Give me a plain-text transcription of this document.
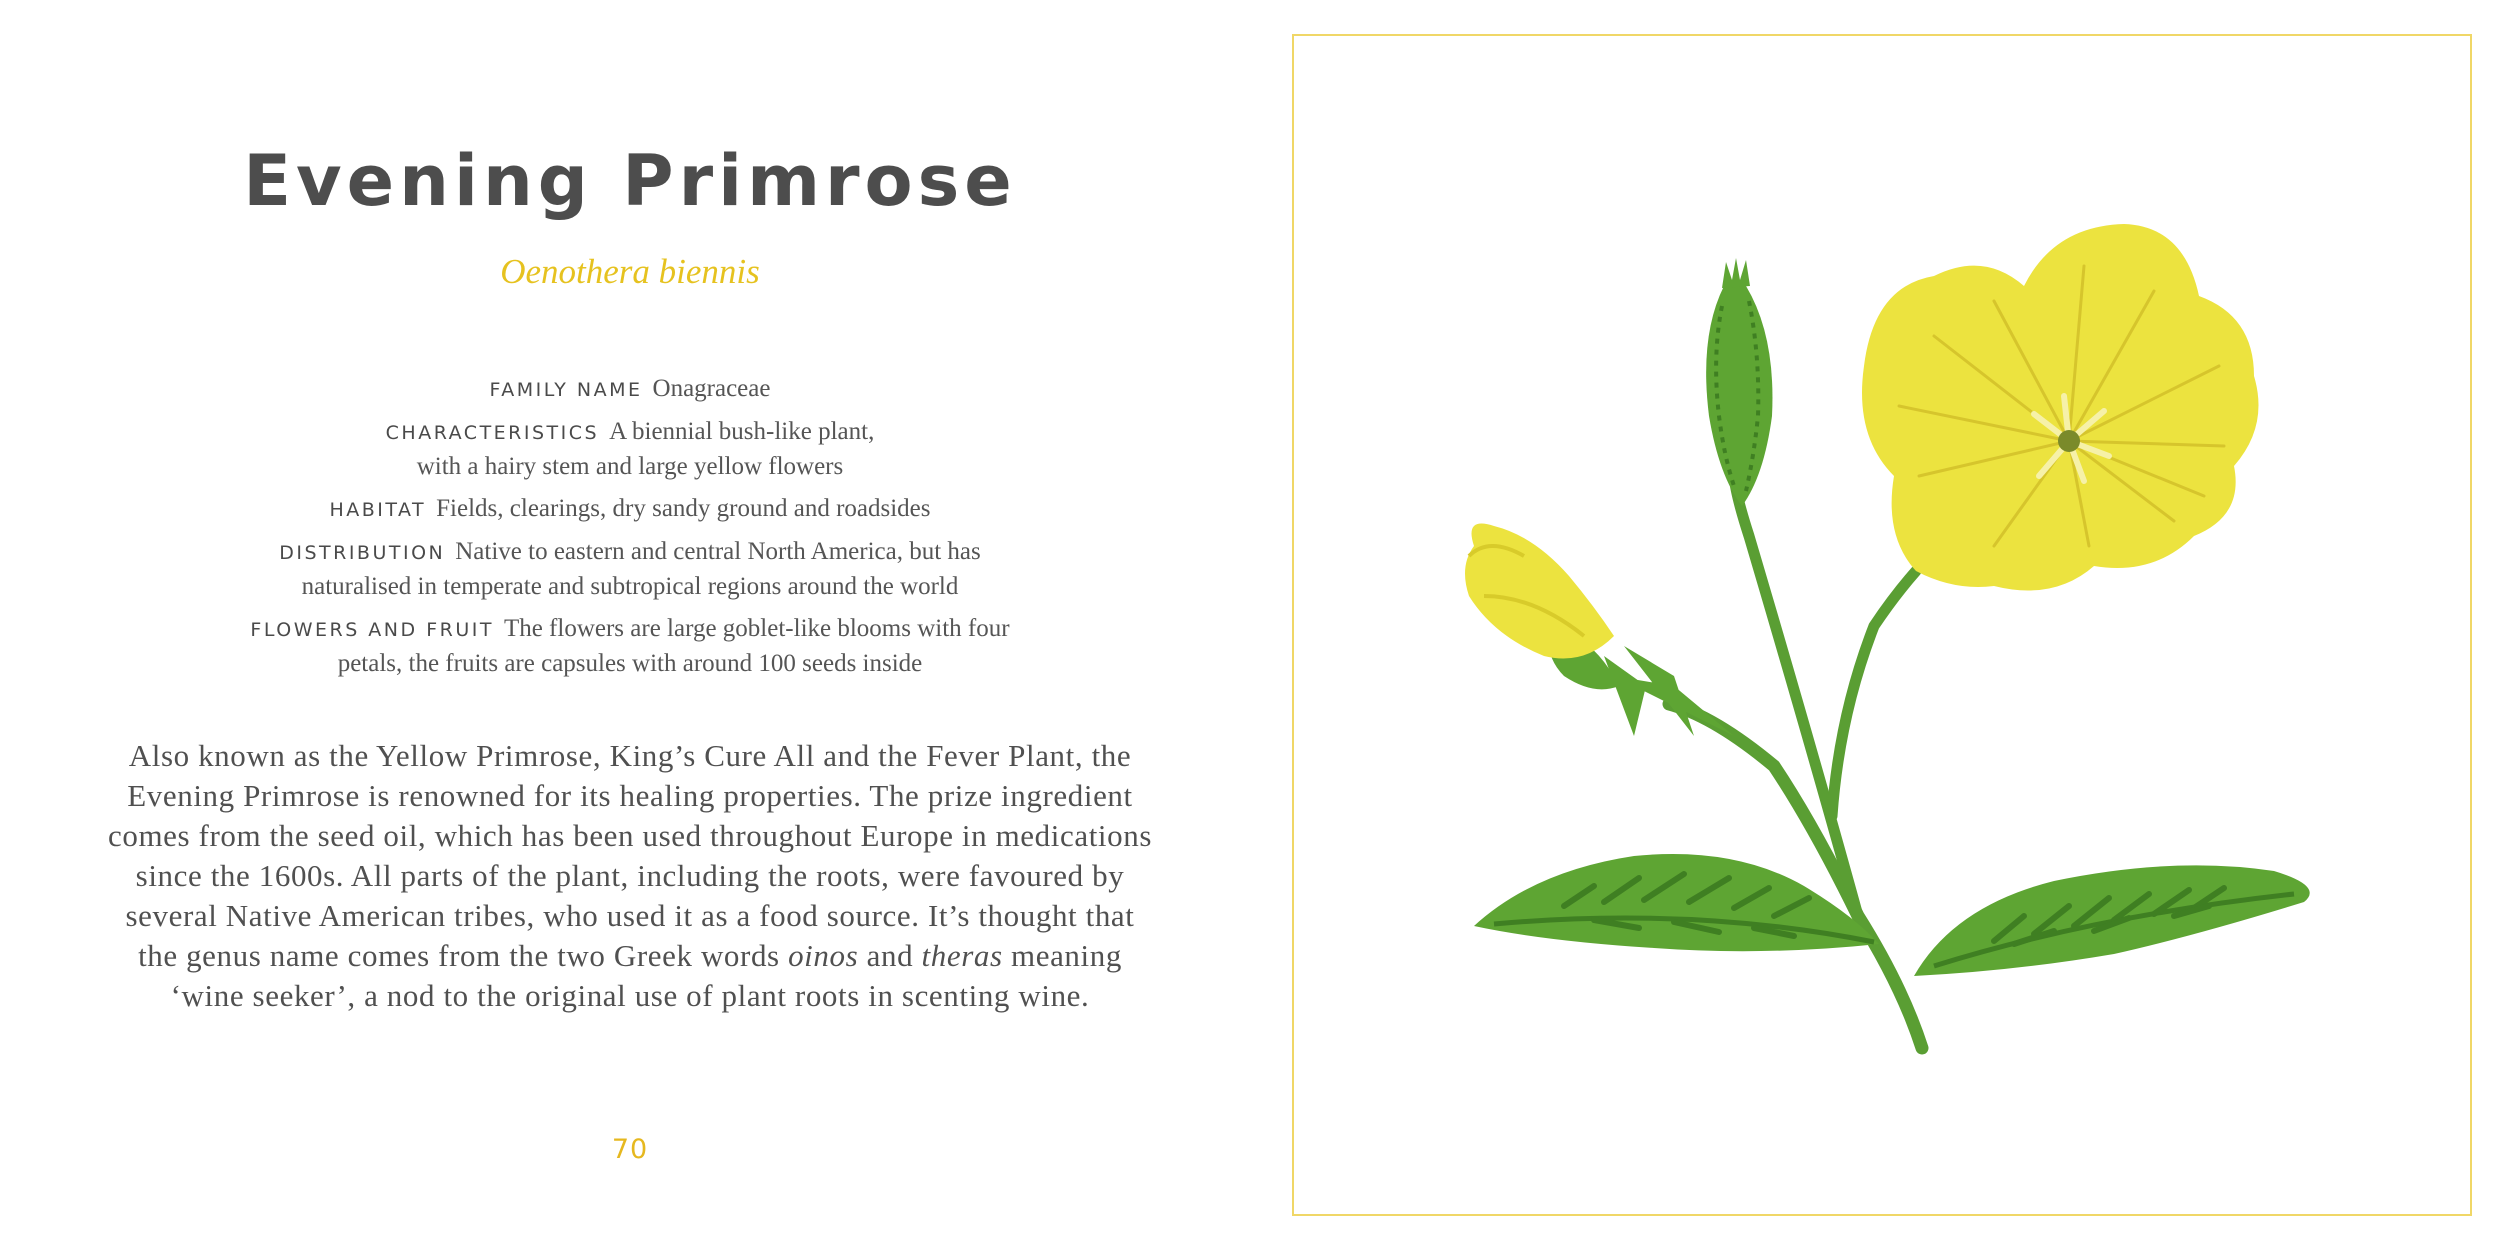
Evening Primrose
Oenothera biennis

FAMILY NAME Onagraceae

CHARACTERISTICS A biennial bush-like plant, with a hairy stem and large yellow flowers

HABITAT Fields, clearings, dry sandy ground and roadsides

DISTRIBUTION Native to eastern and central North America, but has naturalised in temperate and subtropical regions around the world

FLOWERS AND FRUIT The flowers are large goblet-like blooms with four petals, the fruits are capsules with around 100 seeds inside

Also known as the Yellow Primrose, King’s Cure All and the Fever Plant, the Evening Primrose is renowned for its healing properties. The prize ingredient comes from the seed oil, which has been used throughout Europe in medications since the 1600s. All parts of the plant, including the roots, were favoured by several Native American tribes, who used it as a food source. It’s thought that the genus name comes from the two Greek words oinos and theras meaning ‘wine seeker’, a nod to the original use of plant roots in scenting wine.

70
